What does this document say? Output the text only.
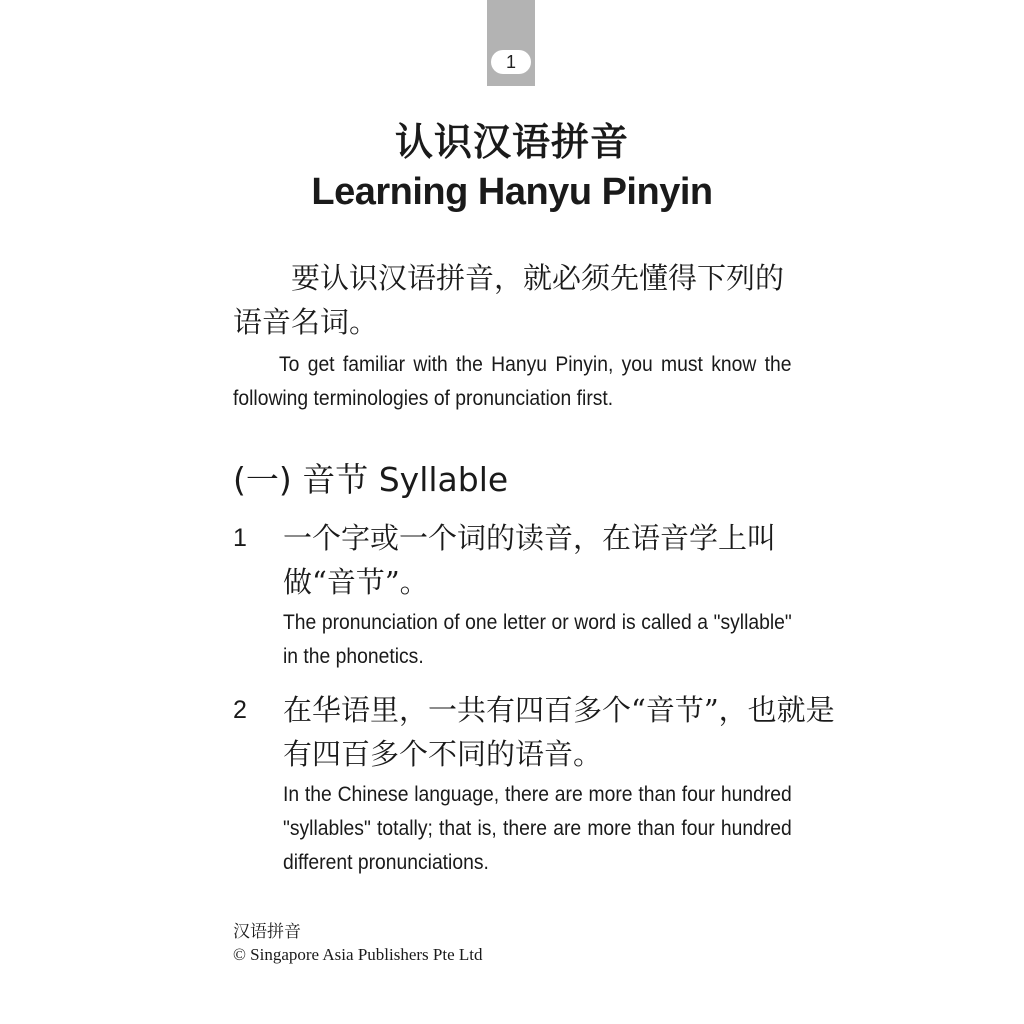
1
认识汉语拼音
Learning Hanyu Pinyin

要认识汉语拼音，就必须先懂得下列的语音名词。

To get familiar with the Hanyu Pinyin, you must know the following terminologies of pronunciation first.

(一) 音节 Syllable
1	一个字或一个词的读音，在语音学上叫做“音节”。

The pronunciation of one letter or word is called a "syllable" in the phonetics.

2	在华语里，一共有四百多个“音节”，也就是有四百多个不同的语音。

In the Chinese language, there are more than four hundred "syllables" totally; that is, there are more than four hundred different pronunciations.

汉语拼音
© Singapore Asia Publishers Pte Ltd
